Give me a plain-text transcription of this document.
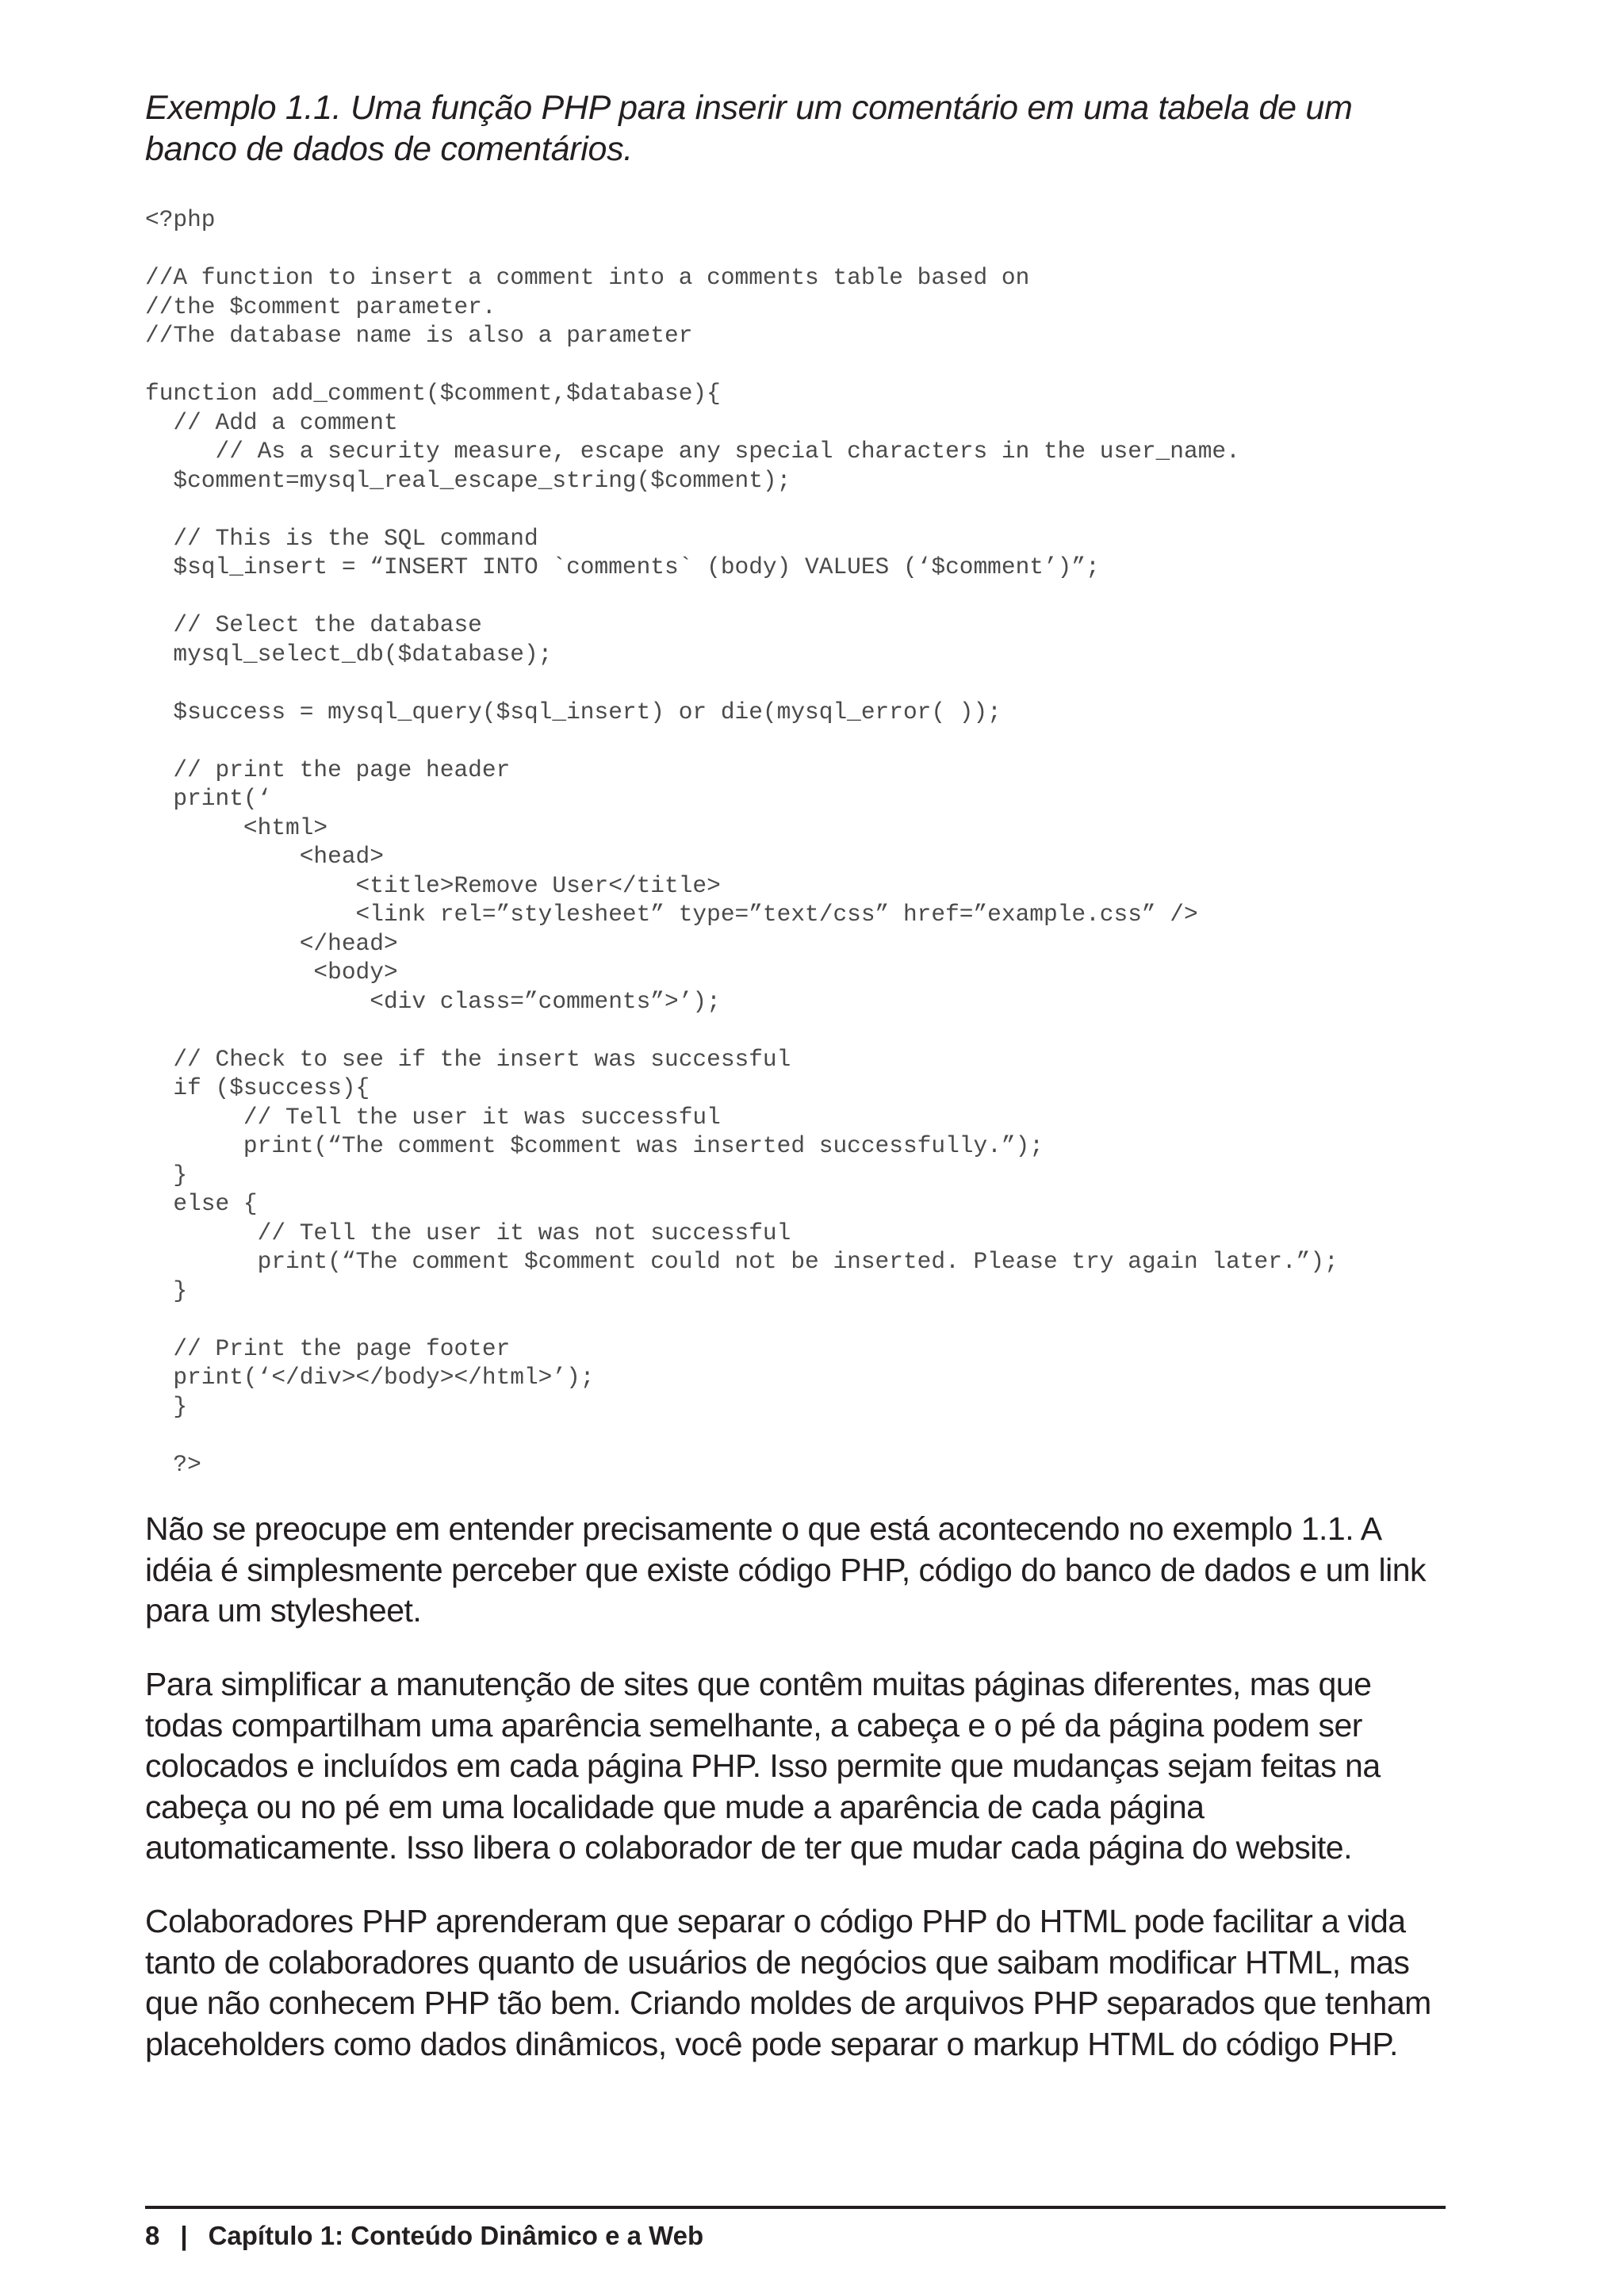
Exemplo 1.1. Uma função PHP para inserir um comentário em uma tabela de um banco de dados de comentários.

<?php
//A function to insert a comment into a comments table based on
//the $comment parameter.
//The database name is also a parameter
function add_comment($comment,$database){
// Add a comment
// As a security measure, escape any special characters in the user_name.
$comment=mysql_real_escape_string($comment);
// This is the SQL command
$sql_insert = “INSERT INTO `comments` (body) VALUES (‘$comment’)”;
// Select the database
mysql_select_db($database);
$success = mysql_query($sql_insert) or die(mysql_error( ));
// print the page header
print(‘
<html>
<head>
<title>Remove User</title>
<link rel=”stylesheet” type=”text/css” href=”example.css” />
</head>
<body>
<div class=”comments”>’);
// Check to see if the insert was successful
if ($success){
// Tell the user it was successful
print(“The comment $comment was inserted successfully.”);
}
else {
// Tell the user it was not successful
print(“The comment $comment could not be inserted. Please try again later.”);
}
// Print the page footer
print(‘</div></body></html>’);
}
?>

Não se preocupe em entender precisamente o que está acontecendo no exemplo 1.1. A idéia é simplesmente perceber que existe código PHP, código do banco de dados e um link para um stylesheet.

Para simplificar a manutenção de sites que contêm muitas páginas diferentes, mas que todas compartilham uma aparência semelhante, a cabeça e o pé da página podem ser colocados e incluídos em cada página PHP. Isso permite que mudanças sejam feitas na cabeça ou no pé em uma localidade que mude a aparência de cada página automaticamente. Isso libera o colaborador de ter que mudar cada página do website.

Colaboradores PHP aprenderam que separar o código PHP do HTML pode facilitar a vida tanto de colaboradores quanto de usuários de negócios que saibam modificar HTML, mas que não conhecem PHP tão bem. Criando moldes de arquivos PHP separados que tenham placeholders como dados dinâmicos, você pode separar o markup HTML do código PHP.

8 | Capítulo 1: Conteúdo Dinâmico e a Web
